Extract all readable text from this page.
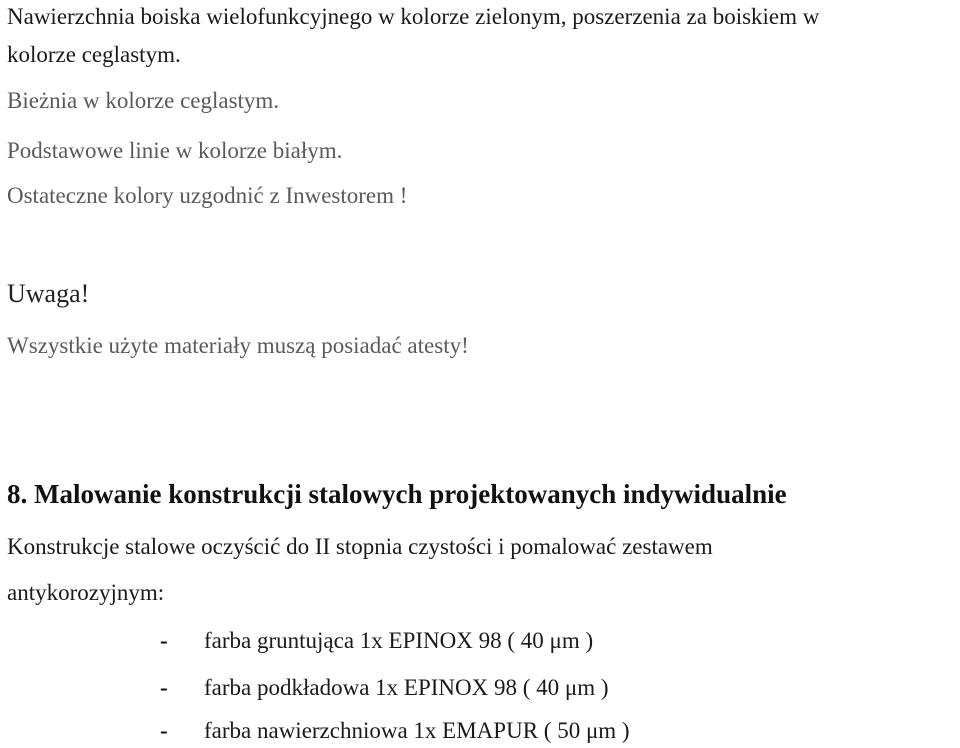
Nawierzchnia boiska wielofunkcyjnego w kolorze zielonym, poszerzenia za boiskiem w

kolorze ceglastym.

Bieżnia w kolorze ceglastym.

Podstawowe linie w kolorze białym.

Ostateczne kolory uzgodnić z Inwestorem !

Uwaga!

Wszystkie użyte materiały muszą posiadać atesty!

8. Malowanie konstrukcji stalowych projektowanych indywidualnie

Konstrukcje stalowe oczyścić do II stopnia czystości i pomalować zestawem

antykorozyjnym:

- farba gruntująca 1x EPINOX 98 ( 40 μm )
- farba podkładowa 1x EPINOX 98 ( 40 μm )
- farba nawierzchniowa 1x EMAPUR ( 50 μm )
